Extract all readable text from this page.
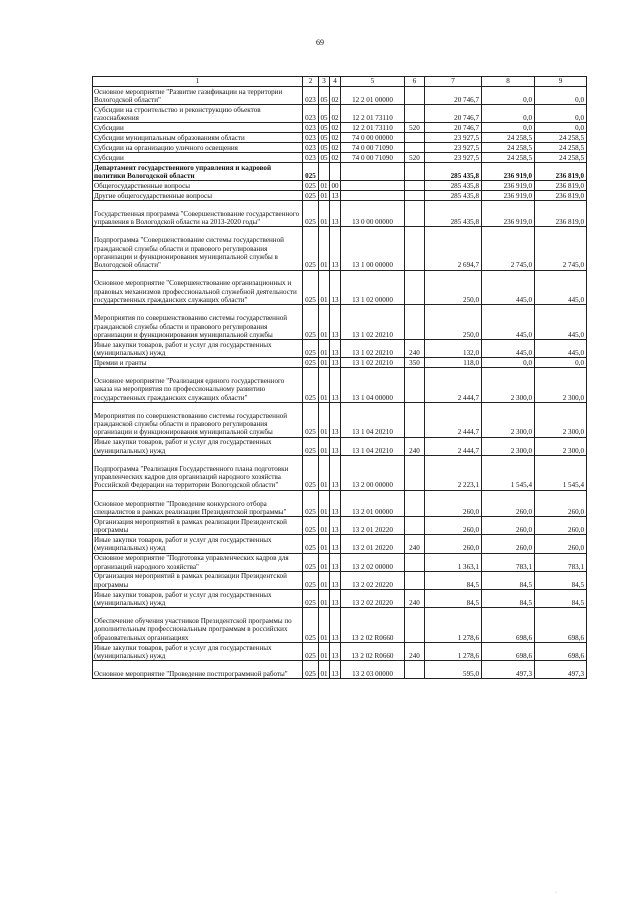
69
1	2	3	4	5	6	7	8	9
Основное мероприятие "Развитие газификации на территории Вологодской области"	023	05	02	12 2 01 00000		20 746,7	0,0	0,0
Субсидии на строительство и реконструкцию объектов газоснабжения	023	05	02	12 2 01 73110		20 746,7	0,0	0,0
Субсидии	023	05	02	12 2 01 73110	520	20 746,7	0,0	0,0
Субсидии муниципальным образованиям области	023	05	02	74 0 00 00000		23 927,5	24 258,5	24 258,5
Субсидии на организацию уличного освещения	023	05	02	74 0 00 71090		23 927,5	24 258,5	24 258,5
Субсидии	023	05	02	74 0 00 71090	520	23 927,5	24 258,5	24 258,5
Департамент государственного управления и кадровой политики Вологодской области	025					285 435,8	236 919,0	236 819,0
Общегосударственные вопросы	025	01	00			285 435,8	236 919,0	236 819,0
Другие общегосударственные вопросы	025	01	13			285 435,8	236 919,0	236 819,0
Государственная программа "Совершенствование государственного управления в Вологодской области на 2013-2020 годы"	025	01	13	13 0 00 00000		285 435,8	236 919,0	236 819,0
Подпрограмма "Совершенствование системы государственной гражданской службы области и правового регулирования организации и функционирования муниципальной службы в Вологодской области"	025	01	13	13 1 00 00000		2 694,7	2 745,0	2 745,0
Основное мероприятие "Совершенствование организационных и правовых механизмов профессиональной служебной деятельности государственных гражданских служащих области"	025	01	13	13 1 02 00000		250,0	445,0	445,0
Мероприятия по совершенствованию системы государственной гражданской службы области и правового регулирования организации и функционирования муниципальной службы	025	01	13	13 1 02 20210		250,0	445,0	445,0
Иные закупки товаров, работ и услуг для государственных (муниципальных) нужд	025	01	13	13 1 02 20210	240	132,0	445,0	445,0
Премии и гранты	025	01	13	13 1 02 20210	350	118,0	0,0	0,0
Основное мероприятие "Реализация единого государственного заказа на мероприятия по профессиональному развитию государственных гражданских служащих области"	025	01	13	13 1 04 00000		2 444,7	2 300,0	2 300,0
Мероприятия по совершенствованию системы государственной гражданской службы области и правового регулирования организации и функционирования муниципальной службы	025	01	13	13 1 04 20210		2 444,7	2 300,0	2 300,0
Иные закупки товаров, работ и услуг для государственных (муниципальных) нужд	025	01	13	13 1 04 20210	240	2 444,7	2 300,0	2 300,0
Подпрограмма "Реализация Государственного плана подготовки управленческих кадров для организаций народного хозяйства Российской Федерации на территории Вологодской области"	025	01	13	13 2 00 00000		2 223,1	1 545,4	1 545,4
Основное мероприятие "Проведение конкурсного отбора специалистов в рамках реализации Президентской программы"	025	01	13	13 2 01 00000		260,0	260,0	260,0
Организация мероприятий в рамках реализации Президентской программы	025	01	13	13 2 01 20220		260,0	260,0	260,0
Иные закупки товаров, работ и услуг для государственных (муниципальных) нужд	025	01	13	13 2 01 20220	240	260,0	260,0	260,0
Основное мероприятие "Подготовка управленческих кадров для организаций народного хозяйства"	025	01	13	13 2 02 00000		1 363,1	783,1	783,1
Организация мероприятий в рамках реализации Президентской программы	025	01	13	13 2 02 20220		84,5	84,5	84,5
Иные закупки товаров, работ и услуг для государственных (муниципальных) нужд	025	01	13	13 2 02 20220	240	84,5	84,5	84,5
Обеспечение обучения участников Президентской программы по дополнительным профессиональным программам в российских образовательных организациях	025	01	13	13 2 02 R0660		1 278,6	698,6	698,6
Иные закупки товаров, работ и услуг для государственных (муниципальных) нужд	025	01	13	13 2 02 R0660	240	1 278,6	698,6	698,6
Основное мероприятие "Проведение постпрограммной работы"	025	01	13	13 2 03 00000		595,0	497,3	497,3
·
